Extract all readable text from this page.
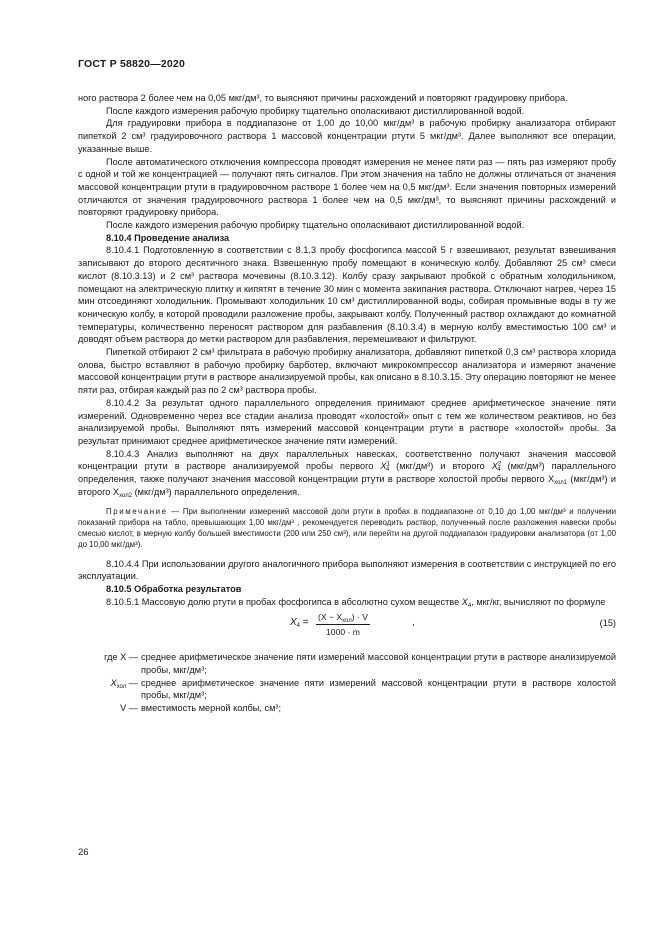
ГОСТ Р 58820—2020

ного раствора 2 более чем на 0,05 мкг/дм³, то выясняют причины расхождений и повторяют градуировку прибора.

После каждого измерения рабочую пробирку тщательно ополаскивают дистиллированной водой.

Для градуировки прибора в поддиапазоне от 1,00 до 10,00 мкг/дм³ в рабочую пробирку анализатора отбирают пипеткой 2 см³ градуировочного раствора 1 массовой концентрации ртути 5 мкг/дм³. Далее выполняют все операции, указанные выше.

После автоматического отключения компрессора проводят измерения не менее пяти раз — пять раз измеряют пробу с одной и той же концентрацией — получают пять сигналов. При этом значения на табло не должны отличаться от значения массовой концентрации ртути в градуировочном растворе 1 более чем на 0,5 мкг/дм³. Если значения повторных измерений отличаются от значения градуировочного раствора 1 более чем на 0,5 мкг/дм³, то выясняют причины расхождений и повторяют градуировку прибора.

После каждого измерения рабочую пробирку тщательно ополаскивают дистиллированной водой.

8.10.4 Проведение анализа

8.10.4.1 Подготовленную в соответствии с 8.1.3 пробу фосфогипса массой 5 г взвешивают, результат взвешивания записывают до второго десятичного знака. Взвешенную пробу помещают в коническую колбу. Добавляют 25 см³ смеси кислот (8.10.3.13) и 2 см³ раствора мочевины (8.10.3.12). Колбу сразу закрывают пробкой с обратным холодильником, помещают на электрическую плитку и кипятят в течение 30 мин с момента закипания раствора. Отключают нагрев, через 15 мин отсоединяют холодильник. Промывают холодильник 10 см³ дистиллированной воды, собирая промывные воды в ту же коническую колбу, в которой проводили разложение пробы, закрывают колбу. Полученный раствор охлаждают до комнатной температуры, количественно переносят раствором для разбавления (8.10.3.4) в мерную колбу вместимостью 100 см³ и доводят объем раствора до метки раствором для разбавления, перемешивают и фильтруют.

Пипеткой отбирают 2 см³ фильтрата в рабочую пробирку анализатора, добавляют пипеткой 0,3 см³ раствора хлорида олова, быстро вставляют в рабочую пробирку барботер, включают микрокомпрессор анализатора и измеряют значение массовой концентрации ртути в растворе анализируемой пробы, как описано в 8.10.3.15. Эту операцию повторяют не менее пяти раз, отбирая каждый раз по 2 см³ раствора пробы.

8.10.4.2 За результат одного параллельного определения принимают среднее арифметическое значение пяти измерений. Одновременно через все стадии анализа проводят «холостой» опыт с тем же количеством реактивов, но без анализируемой пробы. Выполняют пять измерений массовой концентрации ртути в растворе «холостой» пробы. За результат принимают среднее арифметическое значение пяти измерений.

8.10.4.3 Анализ выполняют на двух параллельных навесках, соответственно получают значения массовой концентрации ртути в растворе анализируемой пробы первого $X^1_4$ (мкг/дм³) и второго $X^2_4$ (мкг/дм³) параллельного определения, также получают значения массовой концентрации ртути в растворе холостой пробы первого $X_{хол1}$ (мкг/дм³) и второго $X_{хол2}$ (мкг/дм³) параллельного определения.

Примечание — При выполнении измерений массовой доли ртути в пробах в поддиапазоне от 0,10 до 1,00 мкг/дм³ и получении показаний прибора на табло, превышающих 1,00 мкг/дм³ , рекомендуется переводить раствор, полученный после разложения навески пробы смесью кислот, в мерную колбу большей вместимости (200 или 250 см³), или перейти на другой поддиапазон градуировки анализатора (от 1,00 до 10,00 мкг/дм³).

8.10.4.4 При использовании другого аналогичного прибора выполняют измерения в соответствии с инструкцией по его эксплуатации.

8.10.5 Обработка результатов

8.10.5.1 Массовую долю ртути в пробах фосфогипса в абсолютно сухом веществе $X_4$, мкг/кг, вычисляют по формуле

$X_4 = (X - X_{хол}) \cdot V$
1000 · m
,	(15)
где X — среднее арифметическое значение пяти измерений массовой концентрации ртути в растворе анализируемой пробы, мкг/дм³;
$X_{хол}$ — среднее арифметическое значение пяти измерений массовой концентрации ртути в растворе холостой пробы, мкг/дм³;
V — вместимость мерной колбы, см³;
26
